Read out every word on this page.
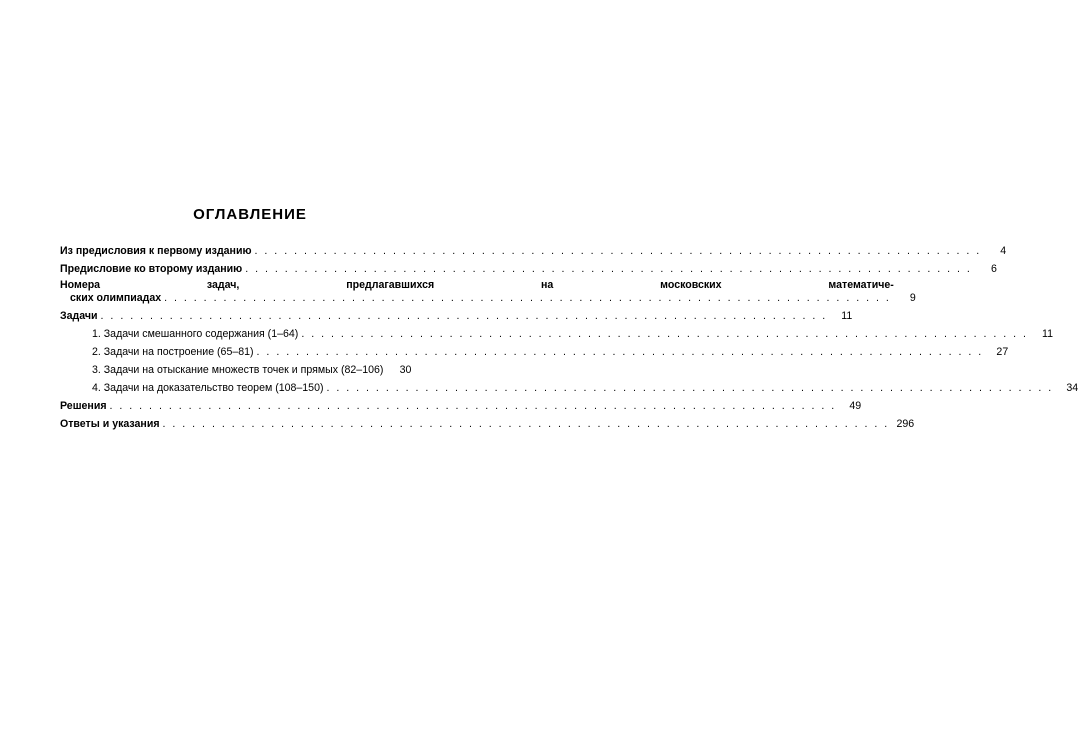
ОГЛАВЛЕНИЕ
Из предисловия к первому изданию . . .	4
Предисловие ко второму изданию . . .	6
Номера задач, предлагавшихся на московских математиче-
ских олимпиадах . . .	9
Задачи . . .	11
1. Задачи смешанного содержания (1–64) . . .	11
2. Задачи на построение (65–81) . . .	27
3. Задачи на отыскание множеств точек и прямых (82–106)	30
4. Задачи на доказательство теорем (108–150) . . .	34
Решения . . .	49
Ответы и указания . . .	296
